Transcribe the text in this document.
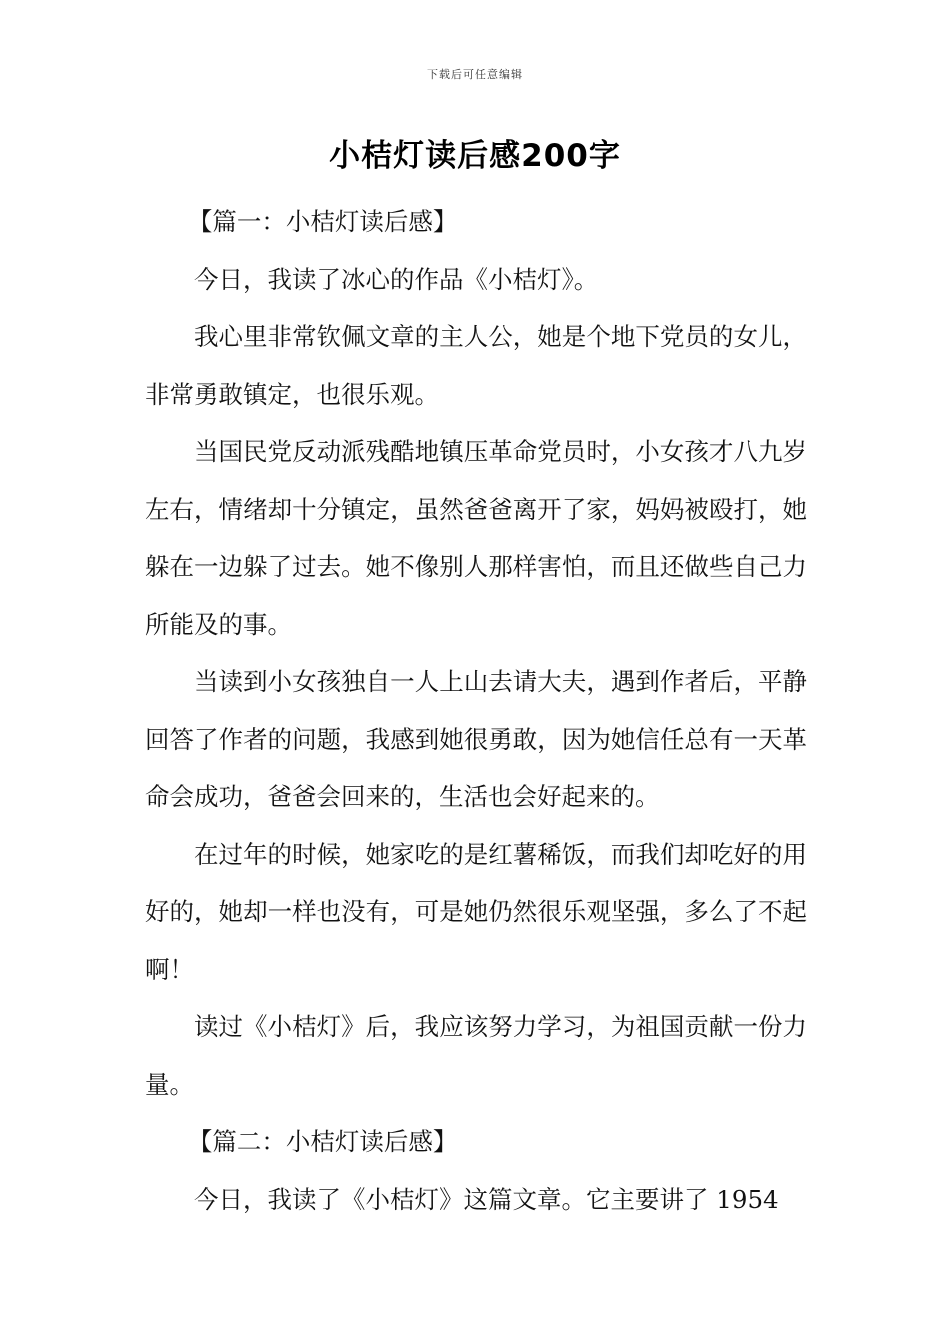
下载后可任意编辑
小桔灯读后感200字

【篇一：小桔灯读后感】

今日，我读了冰心的作品《小桔灯》。

我心里非常钦佩文章的主人公，她是个地下党员的女儿，非常勇敢镇定，也很乐观。

当国民党反动派残酷地镇压革命党员时，小女孩才八九岁左右，情绪却十分镇定，虽然爸爸离开了家，妈妈被殴打，她躲在一边躲了过去。她不像别人那样害怕，而且还做些自己力所能及的事。

当读到小女孩独自一人上山去请大夫，遇到作者后，平静回答了作者的问题，我感到她很勇敢，因为她信任总有一天革命会成功，爸爸会回来的，生活也会好起来的。

在过年的时候，她家吃的是红薯稀饭，而我们却吃好的用好的，她却一样也没有，可是她仍然很乐观坚强，多么了不起啊！

读过《小桔灯》后，我应该努力学习，为祖国贡献一份力量。

【篇二：小桔灯读后感】

今日，我读了《小桔灯》这篇文章。它主要讲了 1954
